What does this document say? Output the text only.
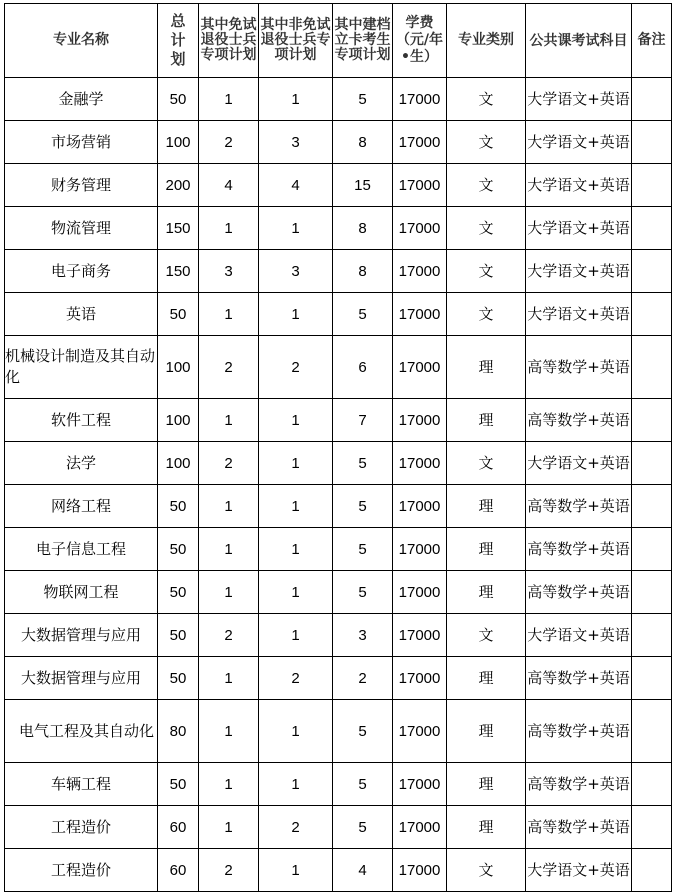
专业名称	总计划	其中免试退役士兵专项计划	其中非免试退役士兵专项计划	其中建档立卡考生专项计划	学费（元/年•生）	专业类别	公共课考试科目	备注
金融学	50	1	1	5	17000	文	大学语文+英语	
市场营销	100	2	3	8	17000	文	大学语文+英语	
财务管理	200	4	4	15	17000	文	大学语文+英语	
物流管理	150	1	1	8	17000	文	大学语文+英语	
电子商务	150	3	3	8	17000	文	大学语文+英语	
英语	50	1	1	5	17000	文	大学语文+英语	
机械设计制造及其自动化	100	2	2	6	17000	理	高等数学+英语	
软件工程	100	1	1	7	17000	理	高等数学+英语	
法学	100	2	1	5	17000	文	大学语文+英语	
网络工程	50	1	1	5	17000	理	高等数学+英语	
电子信息工程	50	1	1	5	17000	理	高等数学+英语	
物联网工程	50	1	1	5	17000	理	高等数学+英语	
大数据管理与应用	50	2	1	3	17000	文	大学语文+英语	
大数据管理与应用	50	1	2	2	17000	理	高等数学+英语	
电气工程及其自动化	80	1	1	5	17000	理	高等数学+英语	
车辆工程	50	1	1	5	17000	理	高等数学+英语	
工程造价	60	1	2	5	17000	理	高等数学+英语	
工程造价	60	2	1	4	17000	文	大学语文+英语	
